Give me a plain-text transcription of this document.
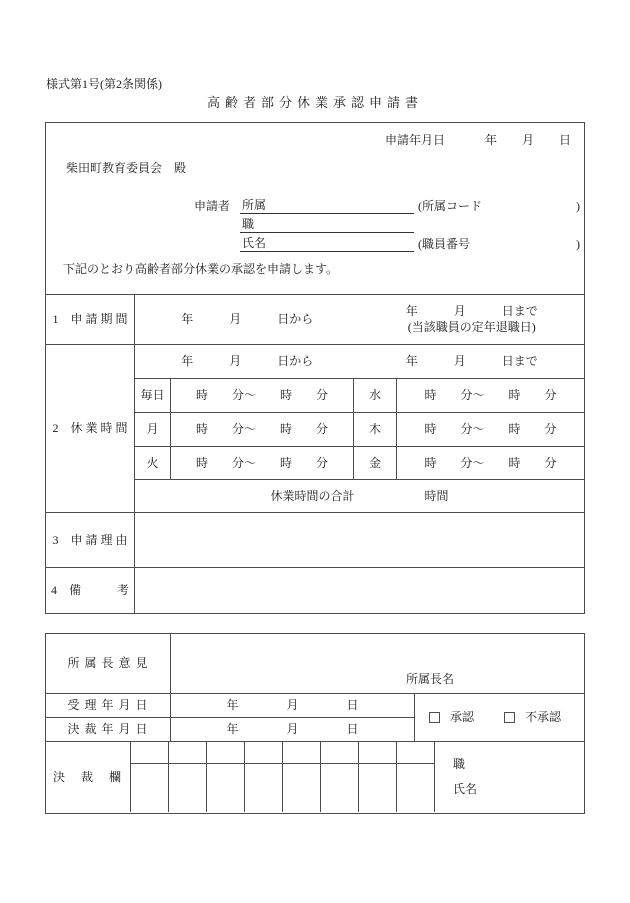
様式第1号(第2条関係)
高齢者部分休業承認申請書
申請年月日	年 月 日
柴田町教育委員会　殿
申請者 所属	(所属コード	)
職
氏名	(職員番号	)
下記のとおり高齢者部分休業の承認を申請します。
1　申 請 期 間	年　　　月　　　日から
年　　　月　　　日まで
(当該職員の定年退職日)
2　休 業 時 間
年　　　月　　　日から	年　　　月　　　日まで
毎日	時　　分～　　時　　分	水	時　　分～　　時　　分
月	時　　分～　　時　　分	木	時　　分～　　時　　分
火	時　　分～　　時　　分	金	時　　分～　　時　　分
休業時間の合計	時間
3　申 請 理 由
4　備　　　考
所 属 長 意 見
所属長名
受 理 年 月 日	年　　　　月　　　　日
決 裁 年 月 日	年　　　　月　　　　日
承認	不承認
決　裁　欄
職
氏名
